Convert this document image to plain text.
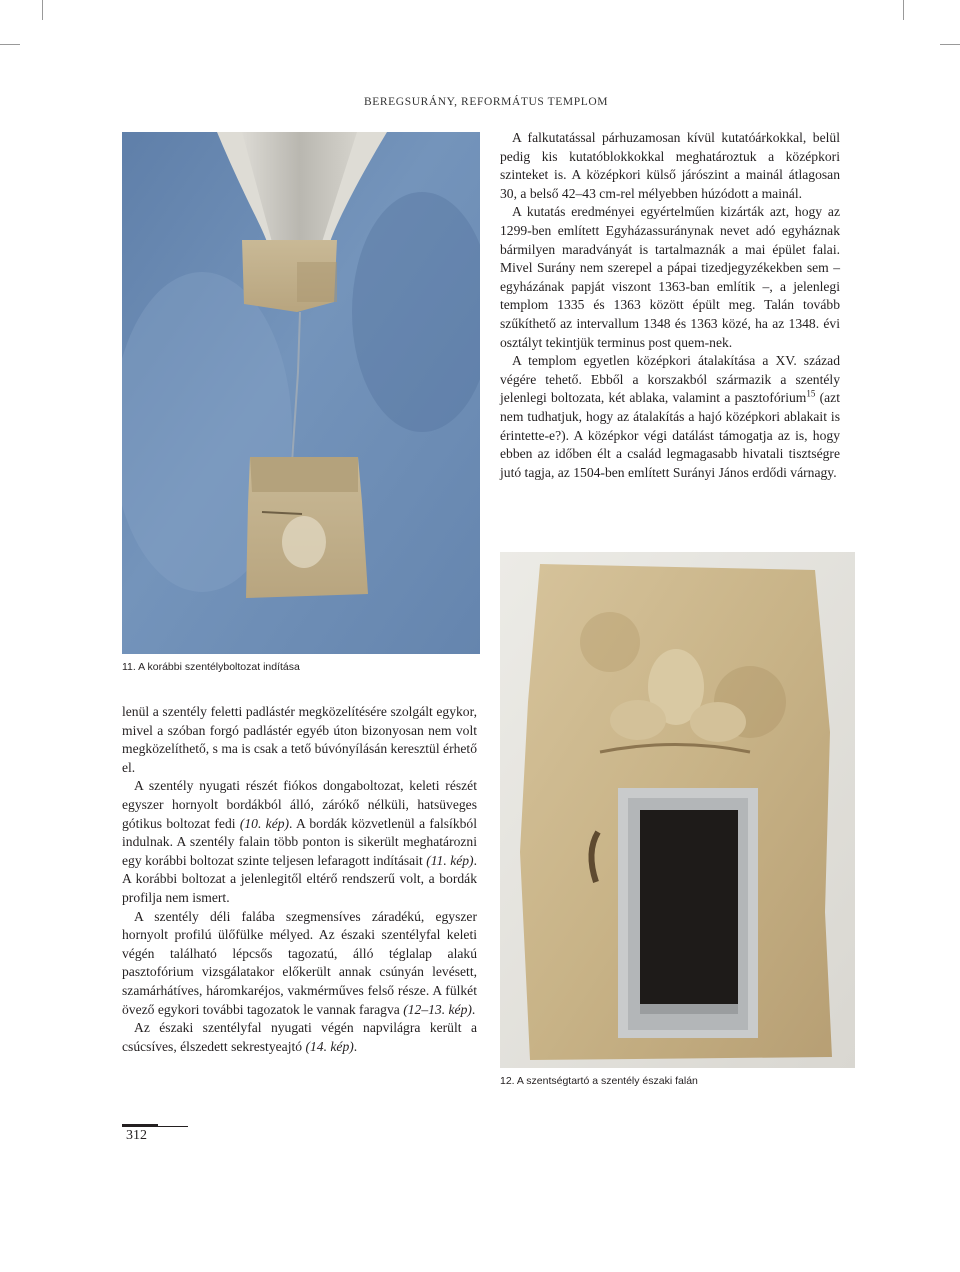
BEREGSURÁNY, REFORMÁTUS TEMPLOM
11. A korábbi szentélyboltozat indítása

A falkutatással párhuzamosan kívül kutatóárkokkal, belül pedig kis kutatóblokkokkal meghatároztuk a középkori szinteket is. A középkori külső járószint a mainál átlagosan 30, a belső 42–43 cm-rel mélyebben húzódott a mainál.

A kutatás eredményei egyértelműen kizárták azt, hogy az 1299-ben említett Egyházassuránynak nevet adó egyháznak bármilyen maradványát is tartalmaznák a mai épület falai. Mivel Surány nem szerepel a pápai tizedjegyzékekben sem – egyházának papját viszont 1363-ban említik –, a jelenlegi templom 1335 és 1363 között épült meg. Talán tovább szűkíthető az intervallum 1348 és 1363 közé, ha az 1348. évi osztályt tekintjük terminus post quem-nek.

A templom egyetlen középkori átalakítása a XV. század végére tehető. Ebből a korszakból származik a szentély jelenlegi boltozata, két ablaka, valamint a pasztofórium$^{15}$ (azt nem tudhatjuk, hogy az átalakítás a hajó középkori ablakait is érintette-e?). A középkor végi datálást támogatja az is, hogy ebben az időben élt a család legmagasabb hivatali tisztségre jutó tagja, az 1504-ben említett Surányi János erdődi várnagy.

12. A szentségtartó a szentély északi falán

lenül a szentély feletti padlástér megközelítésére szolgált egykor, mivel a szóban forgó padlástér egyéb úton bizonyosan nem volt megközelíthető, s ma is csak a tető búvónyílásán keresztül érhető el.

A szentély nyugati részét fiókos dongaboltozat, keleti részét egyszer hornyolt bordákból álló, zárókő nélküli, hatsüveges gótikus boltozat fedi (10. kép). A bordák közvetlenül a falsíkból indulnak. A szentély falain több ponton is sikerült meghatározni egy korábbi boltozat szinte teljesen lefaragott indításait (11. kép). A korábbi boltozat a jelenlegitől eltérő rendszerű volt, a bordák profilja nem ismert.

A szentély déli falába szegmensíves záradékú, egyszer hornyolt profilú ülőfülke mélyed. Az északi szentélyfal keleti végén található lépcsős tagozatú, álló téglalap alakú pasztofórium vizsgálatakor előkerült annak csúnyán levésett, szamárhátíves, háromkaréjos, vakmérműves felső része. A fülkét övező egykori további tagozatok le vannak faragva (12–13. kép).

Az északi szentélyfal nyugati végén napvilágra került a csúcsíves, élszedett sekrestyeajtó (14. kép).

312
